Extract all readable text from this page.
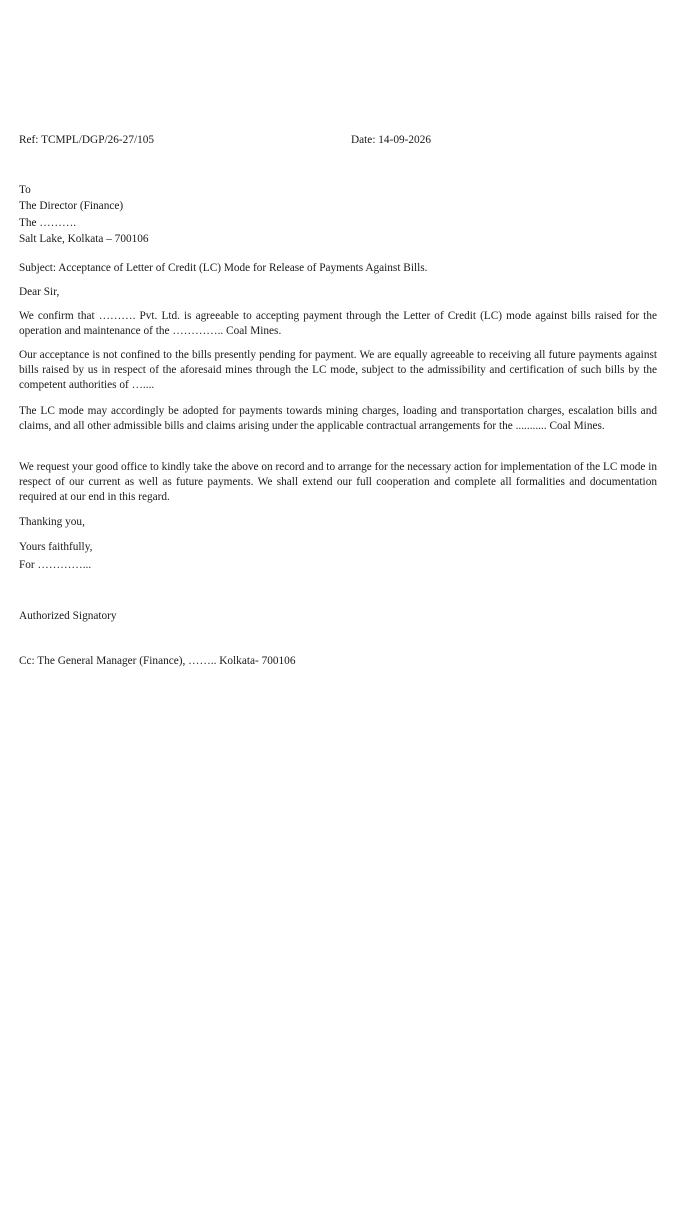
Ref: TCMPL/DGP/26-27/105	Date: 14-09-2026
To
The Director (Finance)
The ……….
Salt Lake, Kolkata – 700106
Subject: Acceptance of Letter of Credit (LC) Mode for Release of Payments Against Bills.
Dear Sir,
We confirm that ………. Pvt. Ltd. is agreeable to accepting payment through the Letter of Credit (LC) mode against bills raised for the operation and maintenance of the ………….. Coal Mines.
Our acceptance is not confined to the bills presently pending for payment. We are equally agreeable to receiving all future payments against bills raised by us in respect of the aforesaid mines through the LC mode, subject to the admissibility and certification of such bills by the competent authorities of …....
The LC mode may accordingly be adopted for payments towards mining charges, loading and transportation charges, escalation bills and claims, and all other admissible bills and claims arising under the applicable contractual arrangements for the ........... Coal Mines.
We request your good office to kindly take the above on record and to arrange for the necessary action for implementation of the LC mode in respect of our current as well as future payments. We shall extend our full cooperation and complete all formalities and documentation required at our end in this regard.
Thanking you,
Yours faithfully,
For …………...
Authorized Signatory
Cc: The General Manager (Finance), …….. Kolkata- 700106
